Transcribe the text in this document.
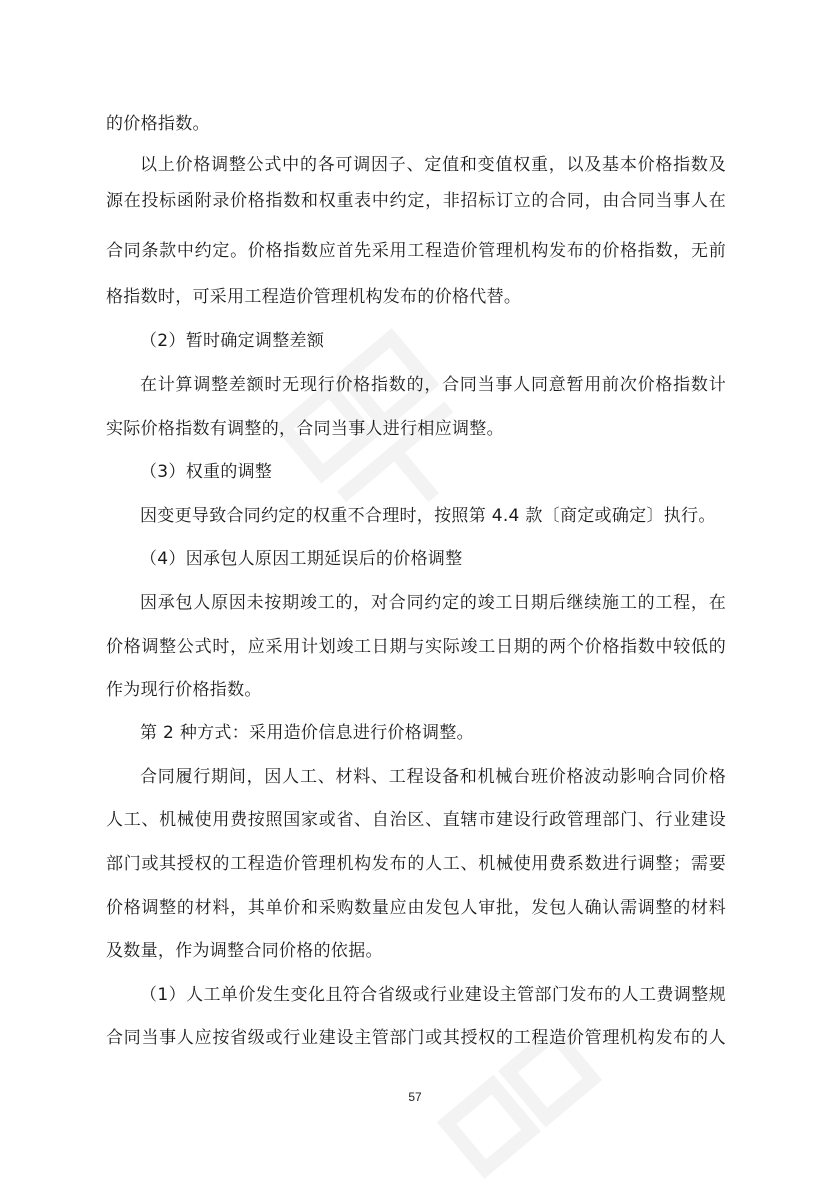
的价格指数。
以上价格调整公式中的各可调因子、定值和变值权重，以及基本价格指数及
源在投标函附录价格指数和权重表中约定，非招标订立的合同，由合同当事人在
合同条款中约定。价格指数应首先采用工程造价管理机构发布的价格指数，无前
格指数时，可采用工程造价管理机构发布的价格代替。
（2）暂时确定调整差额
在计算调整差额时无现行价格指数的，合同当事人同意暂用前次价格指数计
实际价格指数有调整的，合同当事人进行相应调整。
（3）权重的调整
因变更导致合同约定的权重不合理时，按照第 4.4 款〔商定或确定〕执行。
（4）因承包人原因工期延误后的价格调整
因承包人原因未按期竣工的，对合同约定的竣工日期后继续施工的工程，在
价格调整公式时，应采用计划竣工日期与实际竣工日期的两个价格指数中较低的
作为现行价格指数。
第 2 种方式：采用造价信息进行价格调整。
合同履行期间，因人工、材料、工程设备和机械台班价格波动影响合同价格
人工、机械使用费按照国家或省、自治区、直辖市建设行政管理部门、行业建设
部门或其授权的工程造价管理机构发布的人工、机械使用费系数进行调整；需要
价格调整的材料，其单价和采购数量应由发包人审批，发包人确认需调整的材料
及数量，作为调整合同价格的依据。
（1）人工单价发生变化且符合省级或行业建设主管部门发布的人工费调整规
合同当事人应按省级或行业建设主管部门或其授权的工程造价管理机构发布的人
57
